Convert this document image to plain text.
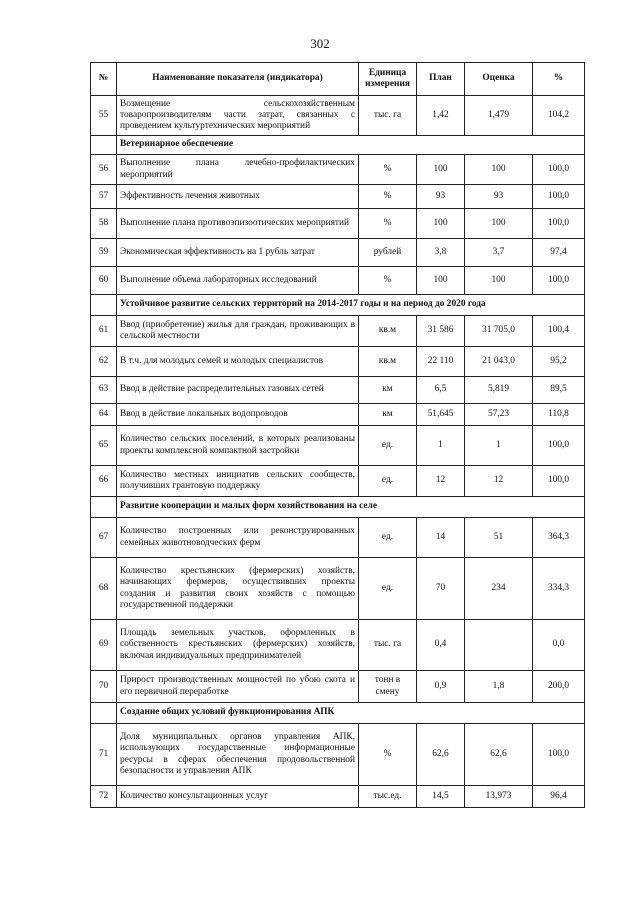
302
№	Наименование показателя (индикатора)	Единица измерения	План	Оценка	%
55	Возмещение сельскохозяйственным товаропроизводителям части затрат, связанных с проведением культуртехнических мероприятий	тыс. га	1,42	1,479	104,2
	Ветеринарное обеспечение				
56	Выполнение плана лечебно-профилактических мероприятий	%	100	100	100,0
57	Эффективность лечения животных	%	93	93	100,0
58	Выполнение плана противоэпизоотических мероприятий	%	100	100	100,0
59	Экономическая эффективность на 1 рубль затрат	рублей	3,8	3,7	97,4
60	Выполнение объема лабораторных исследований	%	100	100	100,0
	Устойчивое развитие сельских территорий на 2014-2017 годы и на период до 2020 года				
61	Ввод (приобретение) жилья для граждан, проживающих в сельской местности	кв.м	31 586	31 705,0	100,4
62	В т.ч. для молодых семей и молодых специалистов	кв.м	22 110	21 043,0	95,2
63	Ввод в действие распределительных газовых сетей	км	6,5	5,819	89,5
64	Ввод в действие локальных водопроводов	км	51,645	57,23	110,8
65	Количество сельских поселений, в которых реализованы проекты комплексной компактной застройки	ед.	1	1	100,0
66	Количество местных инициатив сельских сообществ, получивших грантовую поддержку	ед.	12	12	100,0
	Развитие кооперации и малых форм хозяйствования на селе				
67	Количество построенных или реконструированных семейных животноводческих ферм	ед.	14	51	364,3
68	Количество крестьянских (фермерских) хозяйств, начинающих фермеров, осуществивших проекты создания и развития своих хозяйств с помощью государственной поддержки	ед.	70	234	334,3
69	Площадь земельных участков, оформленных в собственность крестьянских (фермерских) хозяйств, включая индивидуальных предпринимателей	тыс. га	0,4		0,0
70	Прирост производственных мощностей по убою скота и его первичной переработке	тонн в смену	0,9	1,8	200,0
	Создание общих условий функционирования АПК				
71	Доля муниципальных органов управления АПК, использующих государственные информационные ресурсы в сферах обеспечения продовольственной безопасности и управления АПК	%	62,6	62,6	100,0
72	Количество консультационных услуг	тыс.ед.	14,5	13,973	96,4
